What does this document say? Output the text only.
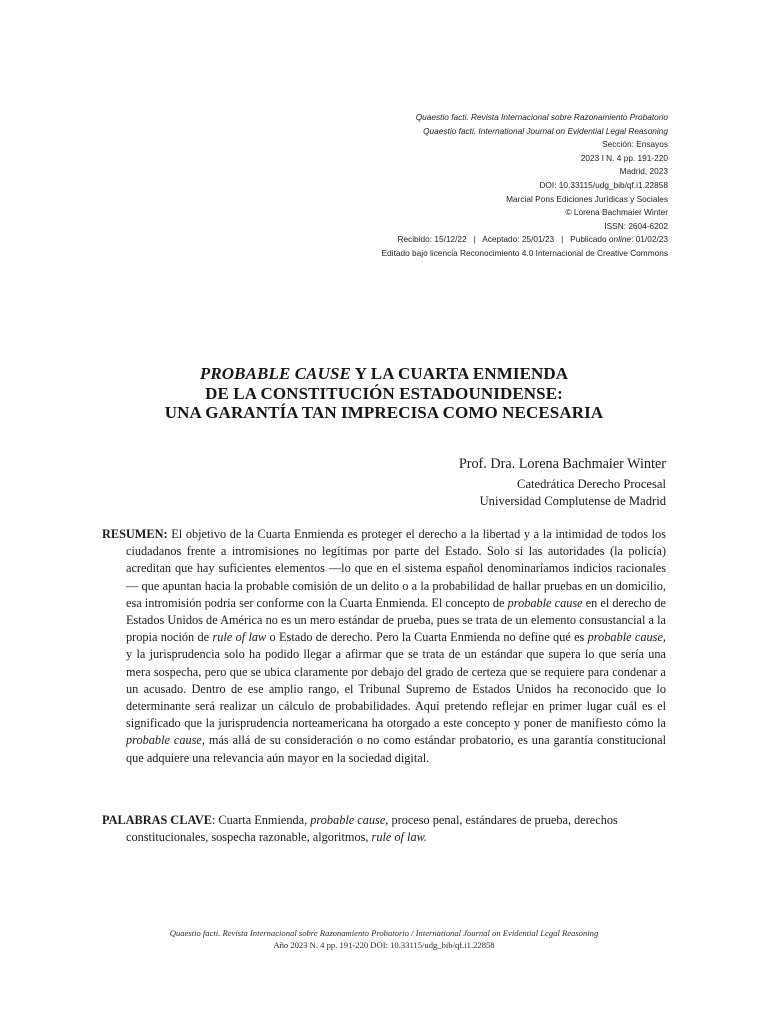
Quaestio facti. Revista Internacional sobre Razonamiento Probatorio
Quaestio facti. International Journal on Evidential Legal Reasoning
Sección: Ensayos
2023 I N. 4 pp. 191-220
Madrid, 2023
DOI: 10.33115/udg_bib/qf.i1.22858
Marcial Pons Ediciones Jurídicas y Sociales
© Lorena Bachmaier Winter
ISSN: 2604-6202
Recibido: 15/12/22 | Aceptado: 25/01/23 | Publicado online: 01/02/23
Editado bajo licencia Reconocimiento 4.0 Internacional de Creative Commons
PROBABLE CAUSE Y LA CUARTA ENMIENDA
DE LA CONSTITUCIÓN ESTADOUNIDENSE:
UNA GARANTÍA TAN IMPRECISA COMO NECESARIA
Prof. Dra. Lorena Bachmaier Winter
Catedrática Derecho Procesal
Universidad Complutense de Madrid

RESUMEN: El objetivo de la Cuarta Enmienda es proteger el derecho a la libertad y a la intimidad de todos los ciudadanos frente a intromisiones no legítimas por parte del Estado. Solo si las autoridades (la policía) acreditan que hay suficientes elementos —lo que en el sistema español denominaríamos indicios racionales— que apuntan hacia la probable comisión de un delito o a la probabilidad de hallar pruebas en un domicilio, esa intromisión podría ser conforme con la Cuarta Enmienda. El concepto de probable cause en el derecho de Estados Unidos de América no es un mero estándar de prueba, pues se trata de un elemento consustancial a la propia noción de rule of law o Estado de derecho. Pero la Cuarta Enmienda no define qué es probable cause, y la jurisprudencia solo ha podido llegar a afirmar que se trata de un estándar que supera lo que sería una mera sospecha, pero que se ubica claramente por debajo del grado de certeza que se requiere para condenar a un acusado. Dentro de ese amplio rango, el Tribunal Supremo de Estados Unidos ha reconocido que lo determinante será realizar un cálculo de probabilidades. Aquí pretendo reflejar en primer lugar cuál es el significado que la jurisprudencia norteamericana ha otorgado a este concepto y poner de manifiesto cómo la probable cause, más allá de su consideración o no como estándar probatorio, es una garantía constitucional que adquiere una relevancia aún mayor en la sociedad digital.

PALABRAS CLAVE: Cuarta Enmienda, probable cause, proceso penal, estándares de prueba, derechos constitucionales, sospecha razonable, algoritmos, rule of law.

Quaestio facti. Revista Internacional sobre Razonamiento Probatorio / International Journal on Evidential Legal Reasoning
Año 2023 N. 4 pp. 191-220 DOI: 10.33115/udg_bib/qf.i1.22858
